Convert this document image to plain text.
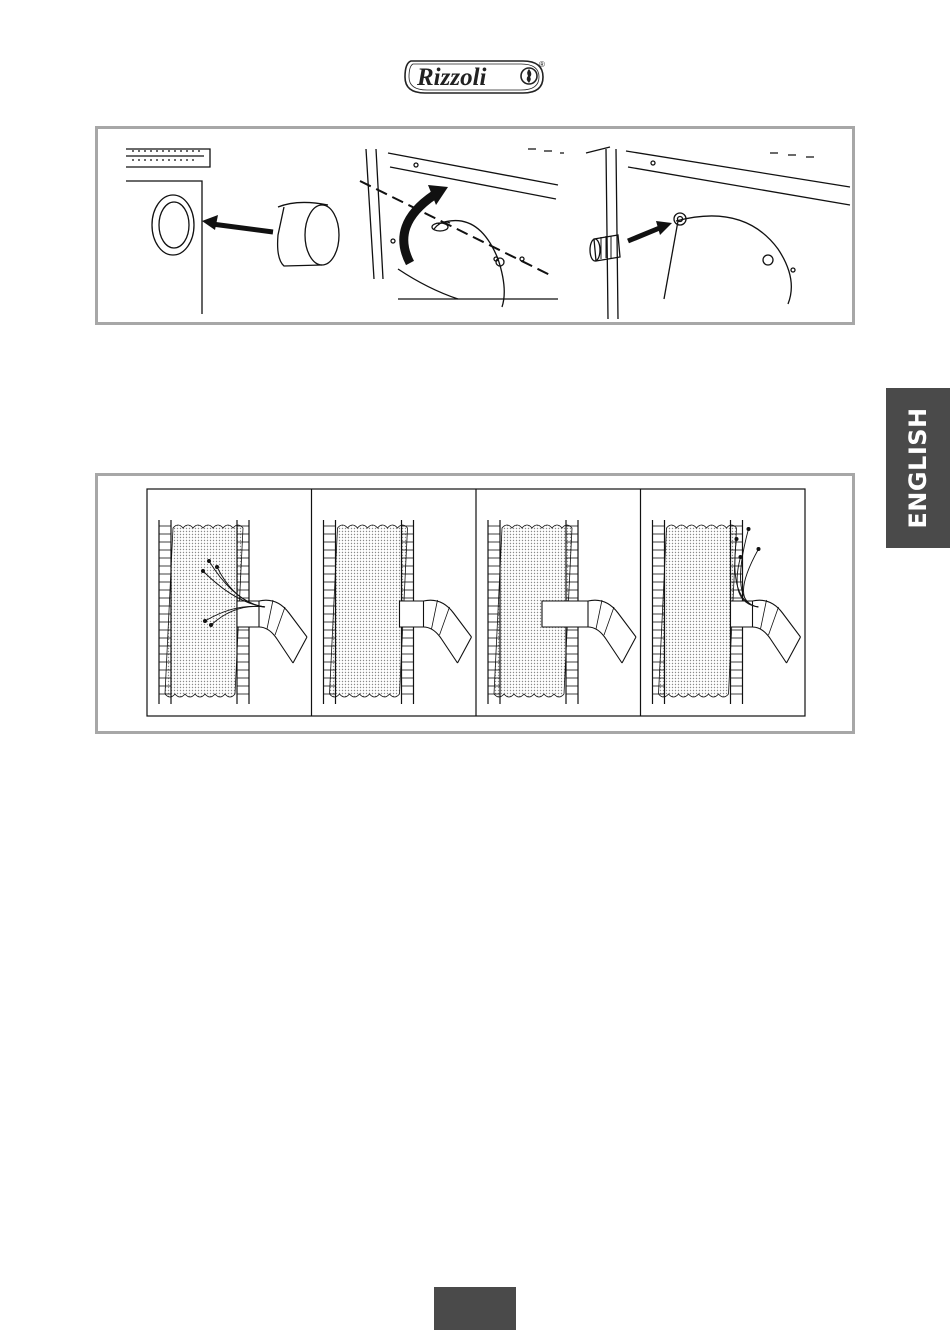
Rizzoli	®
ENGLISH
